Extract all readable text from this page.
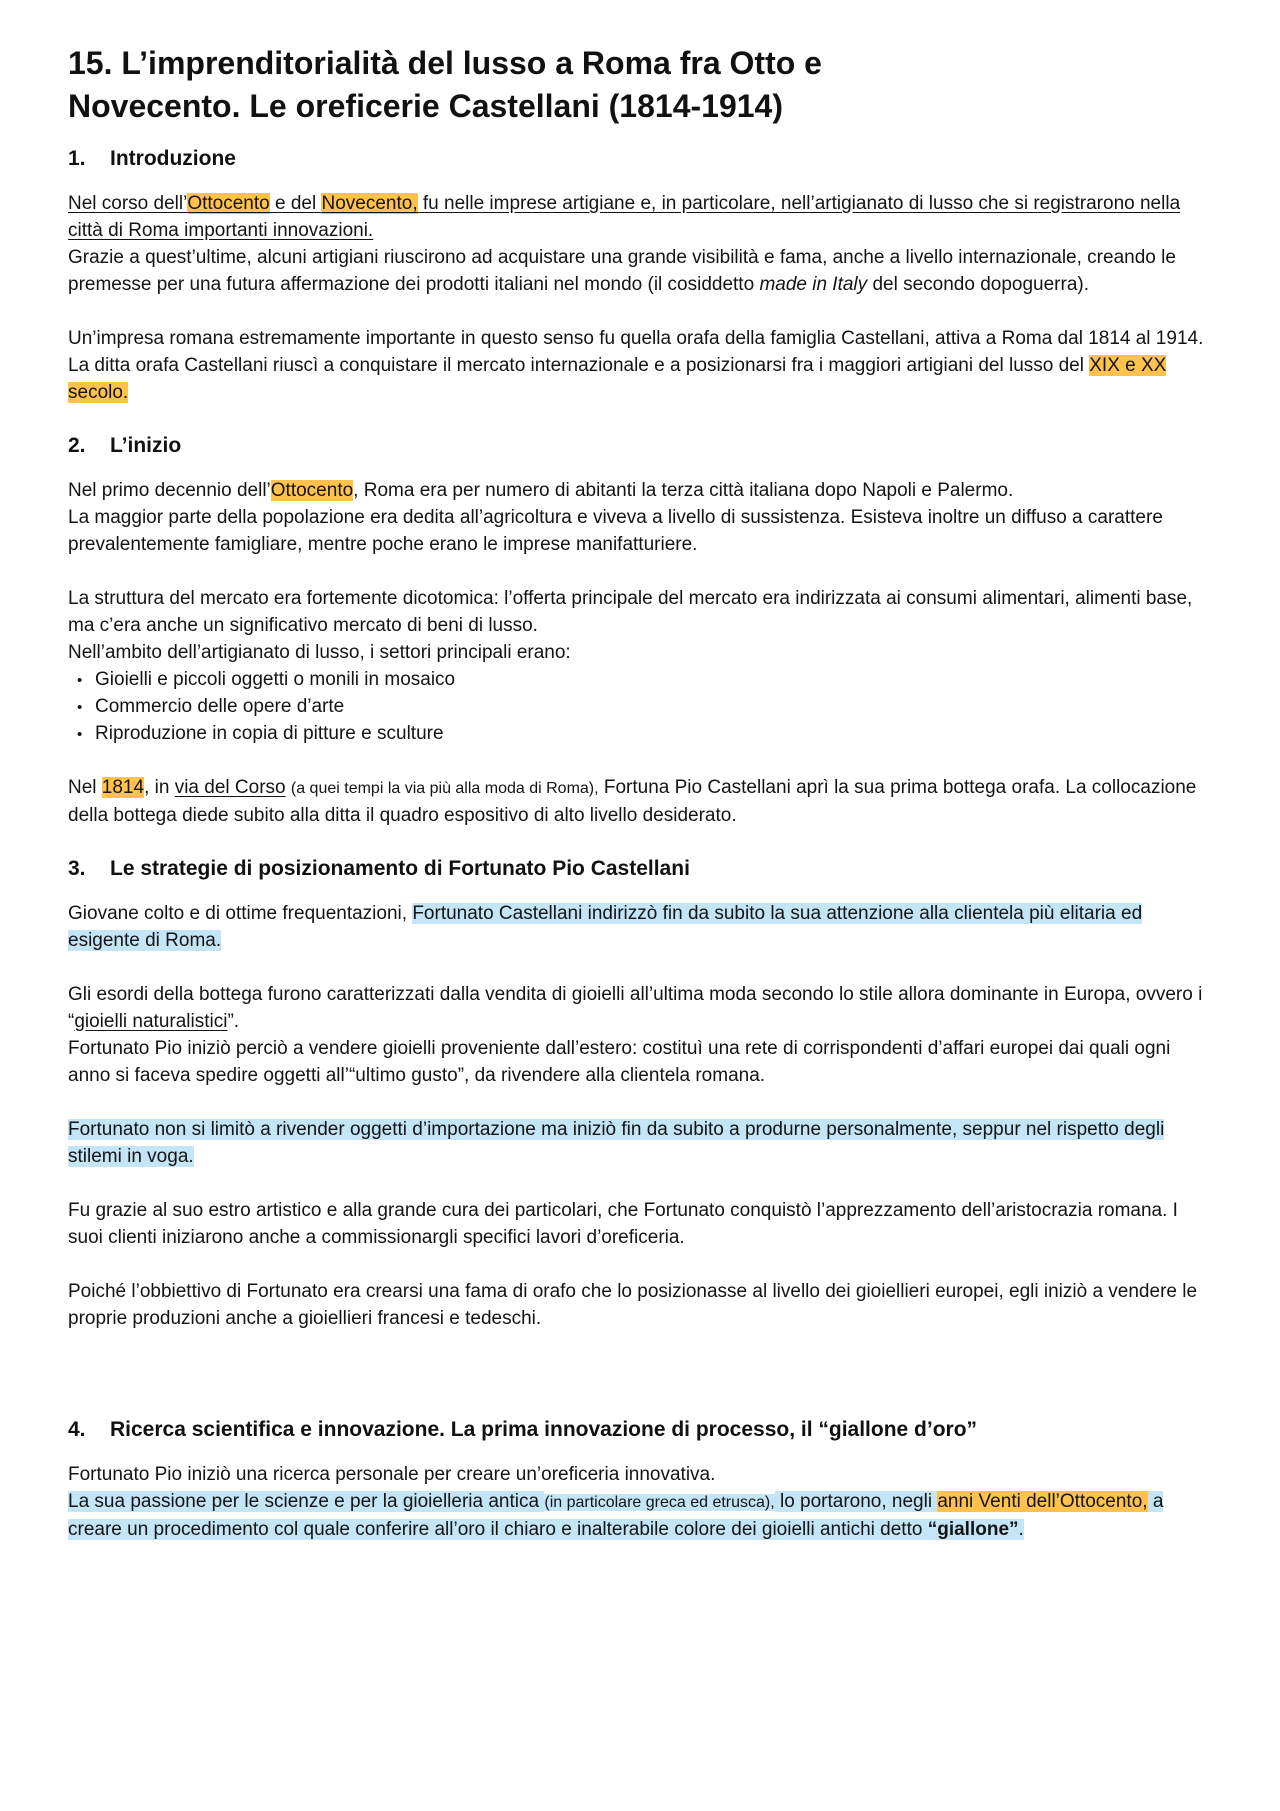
15. L’imprenditorialità del lusso a Roma fra Otto e
Novecento. Le oreficerie Castellani (1814-1914)
1.	Introduzione

Nel corso dell’Ottocento e del Novecento, fu nelle imprese artigiane e, in particolare, nell’artigianato di lusso che si registrarono nella città di Roma importanti innovazioni.
Grazie a quest’ultime, alcuni artigiani riuscirono ad acquistare una grande visibilità e fama, anche a livello internazionale, creando le premesse per una futura affermazione dei prodotti italiani nel mondo (il cosiddetto made in Italy del secondo dopoguerra).

Un’impresa romana estremamente importante in questo senso fu quella orafa della famiglia Castellani, attiva a Roma dal 1814 al 1914.
La ditta orafa Castellani riuscì a conquistare il mercato internazionale e a posizionarsi fra i maggiori artigiani del lusso del XIX e XX secolo.

2.	L’inizio

Nel primo decennio dell’Ottocento, Roma era per numero di abitanti la terza città italiana dopo Napoli e Palermo.
La maggior parte della popolazione era dedita all’agricoltura e viveva a livello di sussistenza. Esisteva inoltre un diffuso a carattere prevalentemente famigliare, mentre poche erano le imprese manifatturiere.

La struttura del mercato era fortemente dicotomica: l’offerta principale del mercato era indirizzata ai consumi alimentari, alimenti base, ma c’era anche un significativo mercato di beni di lusso.
Nell’ambito dell’artigianato di lusso, i settori principali erano:

• Gioielli e piccoli oggetti o monili in mosaico
• Commercio delle opere d’arte
• Riproduzione in copia di pitture e sculture

Nel 1814, in via del Corso (a quei tempi la via più alla moda di Roma), Fortuna Pio Castellani aprì la sua prima bottega orafa. La collocazione della bottega diede subito alla ditta il quadro espositivo di alto livello desiderato.

3.	Le strategie di posizionamento di Fortunato Pio Castellani

Giovane colto e di ottime frequentazioni, Fortunato Castellani indirizzò fin da subito la sua attenzione alla clientela più elitaria ed esigente di Roma.

Gli esordi della bottega furono caratterizzati dalla vendita di gioielli all’ultima moda secondo lo stile allora dominante in Europa, ovvero i “gioielli naturalistici”.
Fortunato Pio iniziò perciò a vendere gioielli proveniente dall’estero: costituì una rete di corrispondenti d’affari europei dai quali ogni anno si faceva spedire oggetti all’“ultimo gusto”, da rivendere alla clientela romana.

Fortunato non si limitò a rivender oggetti d’importazione ma iniziò fin da subito a produrne personalmente, seppur nel rispetto degli stilemi in voga.

Fu grazie al suo estro artistico e alla grande cura dei particolari, che Fortunato conquistò l’apprezzamento dell’aristocrazia romana. I suoi clienti iniziarono anche a commissionargli specifici lavori d’oreficeria.

Poiché l’obbiettivo di Fortunato era crearsi una fama di orafo che lo posizionasse al livello dei gioiellieri europei, egli iniziò a vendere le proprie produzioni anche a gioiellieri francesi e tedeschi.

4.	Ricerca scientifica e innovazione. La prima innovazione di processo, il “giallone d’oro”

Fortunato Pio iniziò una ricerca personale per creare un’oreficeria innovativa.
La sua passione per le scienze e per la gioielleria antica (in particolare greca ed etrusca), lo portarono, negli anni Venti dell’Ottocento, a creare un procedimento col quale conferire all’oro il chiaro e inalterabile colore dei gioielli antichi detto “giallone”.
